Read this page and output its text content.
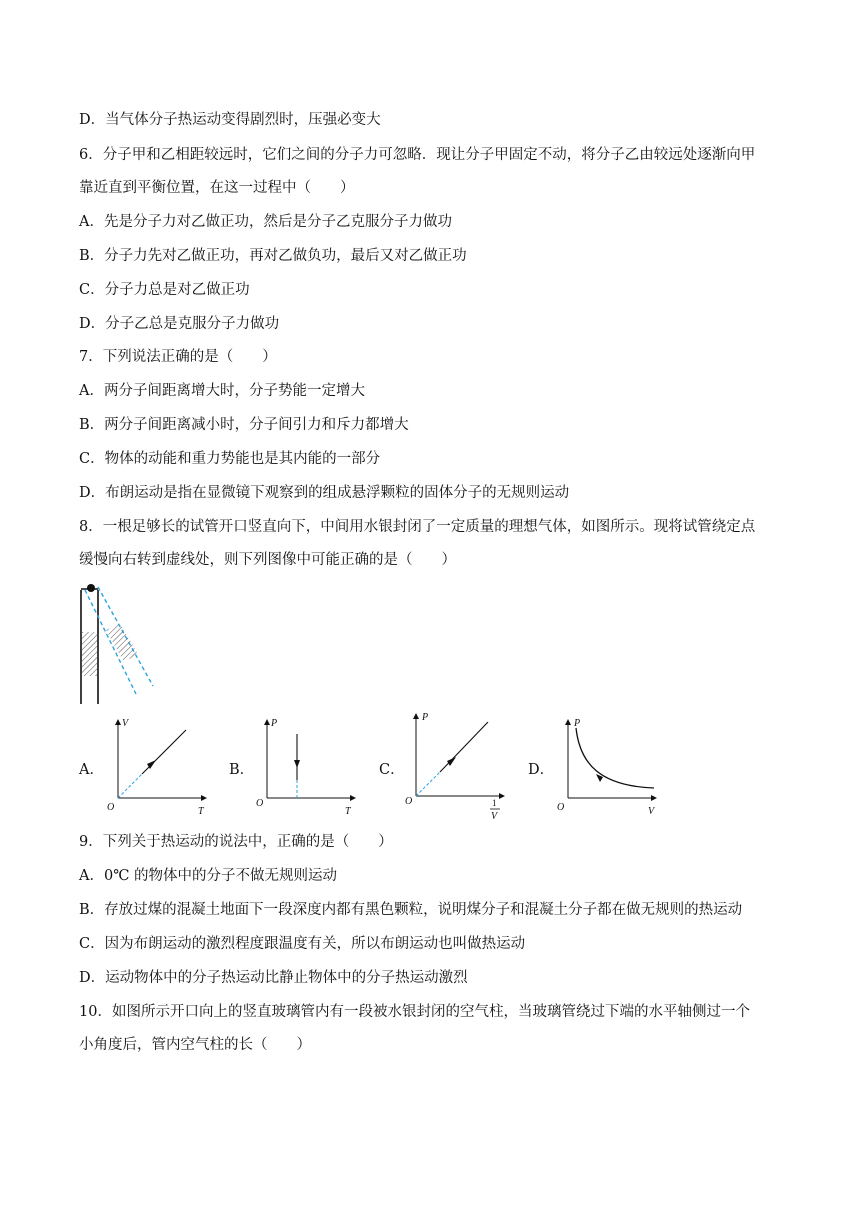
D．当气体分子热运动变得剧烈时，压强必变大
6．分子甲和乙相距较远时，它们之间的分子力可忽略．现让分子甲固定不动，将分子乙由较远处逐渐向甲
靠近直到平衡位置，在这一过程中（　　）
A．先是分子力对乙做正功，然后是分子乙克服分子力做功
B．分子力先对乙做正功，再对乙做负功，最后又对乙做正功
C．分子力总是对乙做正功
D．分子乙总是克服分子力做功
7．下列说法正确的是（　　）
A．两分子间距离增大时，分子势能一定增大
B．两分子间距离减小时，分子间引力和斥力都增大
C．物体的动能和重力势能也是其内能的一部分
D．布朗运动是指在显微镜下观察到的组成悬浮颗粒的固体分子的无规则运动
8．一根足够长的试管开口竖直向下，中间用水银封闭了一定质量的理想气体，如图所示。现将试管绕定点
缓慢向右转到虚线处，则下列图像中可能正确的是（　　）
A．	B．	C．	D．
V
T
O
P
T
O
P
1
V
O
P
V
O
9．下列关于热运动的说法中，正确的是（　　）
A．0℃ 的物体中的分子不做无规则运动
B．存放过煤的混凝土地面下一段深度内都有黑色颗粒，说明煤分子和混凝土分子都在做无规则的热运动
C．因为布朗运动的激烈程度跟温度有关，所以布朗运动也叫做热运动
D．运动物体中的分子热运动比静止物体中的分子热运动激烈
10．如图所示开口向上的竖直玻璃管内有一段被水银封闭的空气柱，当玻璃管绕过下端的水平轴侧过一个
小角度后，管内空气柱的长（　　）
